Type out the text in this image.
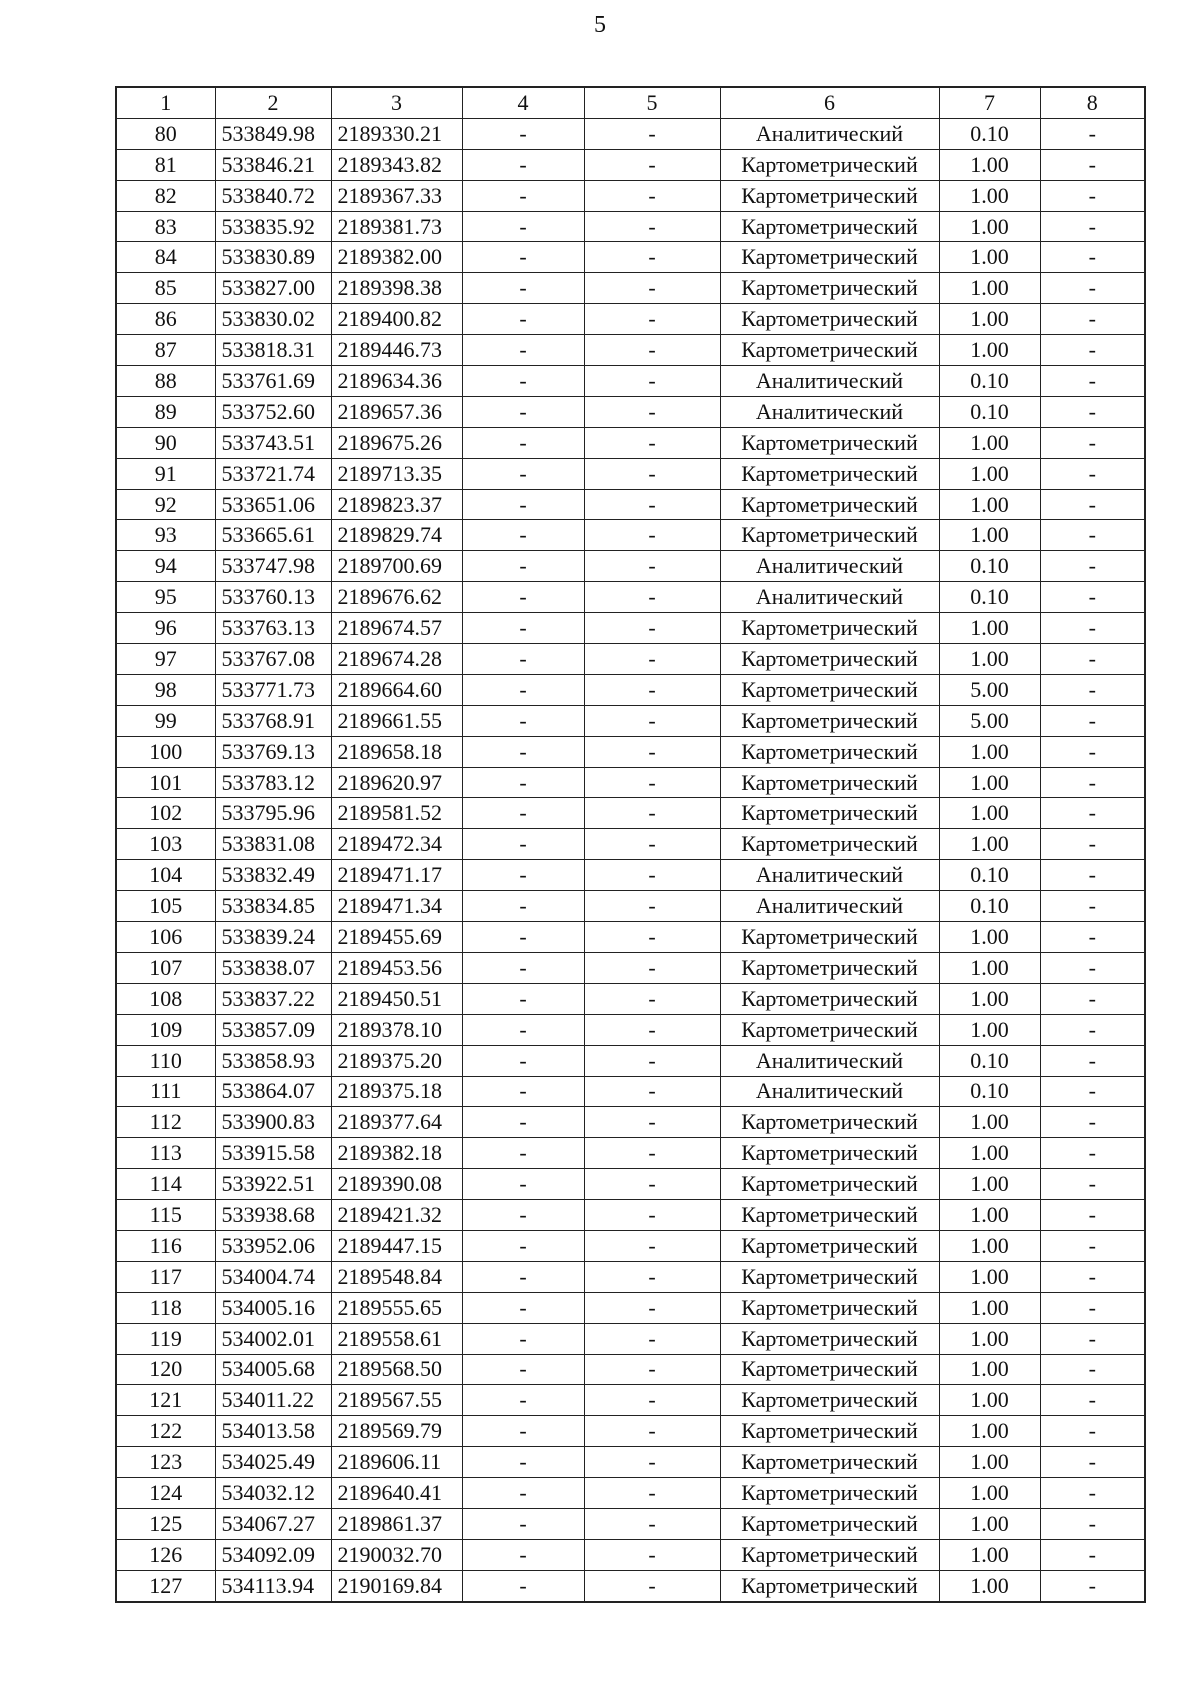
5
1	2	3	4	5	6	7	8
80	533849.98	2189330.21	-	-	Аналитический	0.10	-
81	533846.21	2189343.82	-	-	Картометрический	1.00	-
82	533840.72	2189367.33	-	-	Картометрический	1.00	-
83	533835.92	2189381.73	-	-	Картометрический	1.00	-
84	533830.89	2189382.00	-	-	Картометрический	1.00	-
85	533827.00	2189398.38	-	-	Картометрический	1.00	-
86	533830.02	2189400.82	-	-	Картометрический	1.00	-
87	533818.31	2189446.73	-	-	Картометрический	1.00	-
88	533761.69	2189634.36	-	-	Аналитический	0.10	-
89	533752.60	2189657.36	-	-	Аналитический	0.10	-
90	533743.51	2189675.26	-	-	Картометрический	1.00	-
91	533721.74	2189713.35	-	-	Картометрический	1.00	-
92	533651.06	2189823.37	-	-	Картометрический	1.00	-
93	533665.61	2189829.74	-	-	Картометрический	1.00	-
94	533747.98	2189700.69	-	-	Аналитический	0.10	-
95	533760.13	2189676.62	-	-	Аналитический	0.10	-
96	533763.13	2189674.57	-	-	Картометрический	1.00	-
97	533767.08	2189674.28	-	-	Картометрический	1.00	-
98	533771.73	2189664.60	-	-	Картометрический	5.00	-
99	533768.91	2189661.55	-	-	Картометрический	5.00	-
100	533769.13	2189658.18	-	-	Картометрический	1.00	-
101	533783.12	2189620.97	-	-	Картометрический	1.00	-
102	533795.96	2189581.52	-	-	Картометрический	1.00	-
103	533831.08	2189472.34	-	-	Картометрический	1.00	-
104	533832.49	2189471.17	-	-	Аналитический	0.10	-
105	533834.85	2189471.34	-	-	Аналитический	0.10	-
106	533839.24	2189455.69	-	-	Картометрический	1.00	-
107	533838.07	2189453.56	-	-	Картометрический	1.00	-
108	533837.22	2189450.51	-	-	Картометрический	1.00	-
109	533857.09	2189378.10	-	-	Картометрический	1.00	-
110	533858.93	2189375.20	-	-	Аналитический	0.10	-
111	533864.07	2189375.18	-	-	Аналитический	0.10	-
112	533900.83	2189377.64	-	-	Картометрический	1.00	-
113	533915.58	2189382.18	-	-	Картометрический	1.00	-
114	533922.51	2189390.08	-	-	Картометрический	1.00	-
115	533938.68	2189421.32	-	-	Картометрический	1.00	-
116	533952.06	2189447.15	-	-	Картометрический	1.00	-
117	534004.74	2189548.84	-	-	Картометрический	1.00	-
118	534005.16	2189555.65	-	-	Картометрический	1.00	-
119	534002.01	2189558.61	-	-	Картометрический	1.00	-
120	534005.68	2189568.50	-	-	Картометрический	1.00	-
121	534011.22	2189567.55	-	-	Картометрический	1.00	-
122	534013.58	2189569.79	-	-	Картометрический	1.00	-
123	534025.49	2189606.11	-	-	Картометрический	1.00	-
124	534032.12	2189640.41	-	-	Картометрический	1.00	-
125	534067.27	2189861.37	-	-	Картометрический	1.00	-
126	534092.09	2190032.70	-	-	Картометрический	1.00	-
127	534113.94	2190169.84	-	-	Картометрический	1.00	-
